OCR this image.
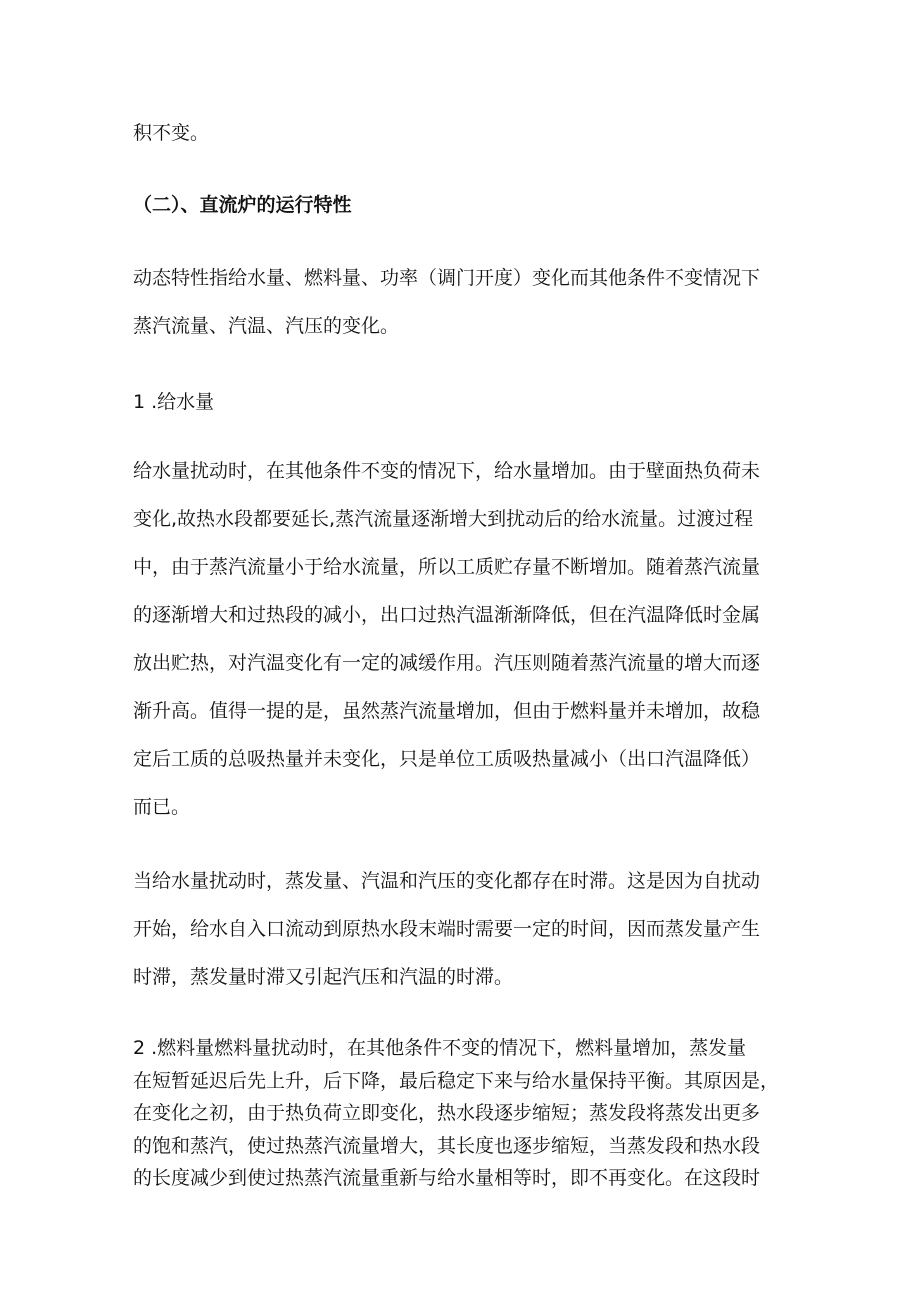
积不变。

（二）、直流炉的运行特性

动态特性指给水量、燃料量、功率（调门开度）变化而其他条件不变情况下
蒸汽流量、汽温、汽压的变化。

1 .给水量

给水量扰动时，在其他条件不变的情况下，给水量增加。由于壁面热负荷未
变化,故热水段都要延长,蒸汽流量逐渐增大到扰动后的给水流量。过渡过程
中，由于蒸汽流量小于给水流量，所以工质贮存量不断增加。随着蒸汽流量
的逐渐增大和过热段的减小，出口过热汽温渐渐降低，但在汽温降低时金属
放出贮热，对汽温变化有一定的减缓作用。汽压则随着蒸汽流量的增大而逐
渐升高。值得一提的是，虽然蒸汽流量增加，但由于燃料量并未增加，故稳
定后工质的总吸热量并未变化，只是单位工质吸热量减小（出口汽温降低）
而已。

当给水量扰动时，蒸发量、汽温和汽压的变化都存在时滞。这是因为自扰动
开始，给水自入口流动到原热水段末端时需要一定的时间，因而蒸发量产生
时滞，蒸发量时滞又引起汽压和汽温的时滞。

2 .燃料量燃料量扰动时，在其他条件不变的情况下，燃料量增加，蒸发量
在短暂延迟后先上升，后下降，最后稳定下来与给水量保持平衡。其原因是，
在变化之初，由于热负荷立即变化，热水段逐步缩短；蒸发段将蒸发出更多
的饱和蒸汽，使过热蒸汽流量增大，其长度也逐步缩短，当蒸发段和热水段
的长度减少到使过热蒸汽流量重新与给水量相等时，即不再变化。在这段时
